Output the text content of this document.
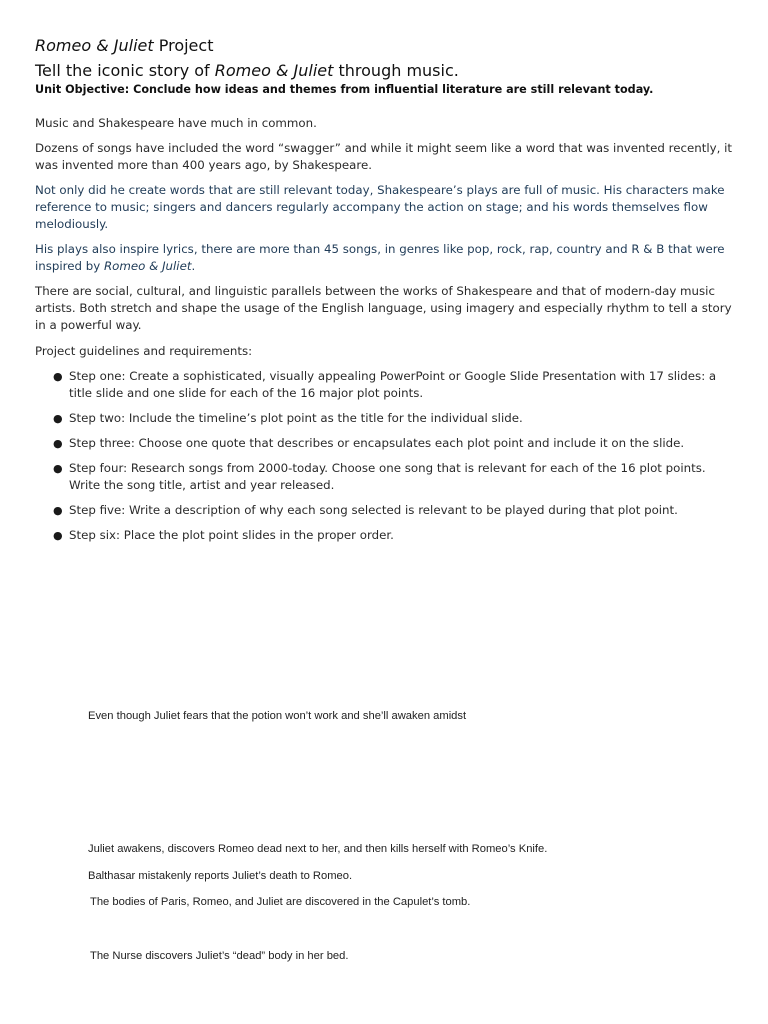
Romeo & Juliet Project
Tell the iconic story of Romeo & Juliet through music.

Unit Objective: Conclude how ideas and themes from influential literature are still relevant today.

Music and Shakespeare have much in common.

Dozens of songs have included the word “swagger” and while it might seem like a word that was invented recently, it was invented more than 400 years ago, by Shakespeare.

Not only did he create words that are still relevant today, Shakespeare’s plays are full of music. His characters make reference to music; singers and dancers regularly accompany the action on stage; and his words themselves flow melodiously.

His plays also inspire lyrics, there are more than 45 songs, in genres like pop, rock, rap, country and R & B that were inspired by Romeo & Juliet.

There are social, cultural, and linguistic parallels between the works of Shakespeare and that of modern-day music artists. Both stretch and shape the usage of the English language, using imagery and especially rhythm to tell a story in a powerful way.

Project guidelines and requirements:

● Step one: Create a sophisticated, visually appealing PowerPoint or Google Slide Presentation with 17 slides: a title slide and one slide for each of the 16 major plot points.
● Step two: Include the timeline’s plot point as the title for the individual slide.
● Step three: Choose one quote that describes or encapsulates each plot point and include it on the slide.
● Step four: Research songs from 2000-today. Choose one song that is relevant for each of the 16 plot points. Write the song title, artist and year released.
● Step five: Write a description of why each song selected is relevant to be played during that plot point.
● Step six: Place the plot point slides in the proper order.

Even though Juliet fears that the potion won’t work and she’ll awaken amidst

Juliet awakens, discovers Romeo dead next to her, and then kills herself with Romeo’s Knife.

Balthasar mistakenly reports Juliet’s death to Romeo.

The bodies of Paris, Romeo, and Juliet are discovered in the Capulet’s tomb.

The Nurse discovers Juliet’s “dead” body in her bed.
